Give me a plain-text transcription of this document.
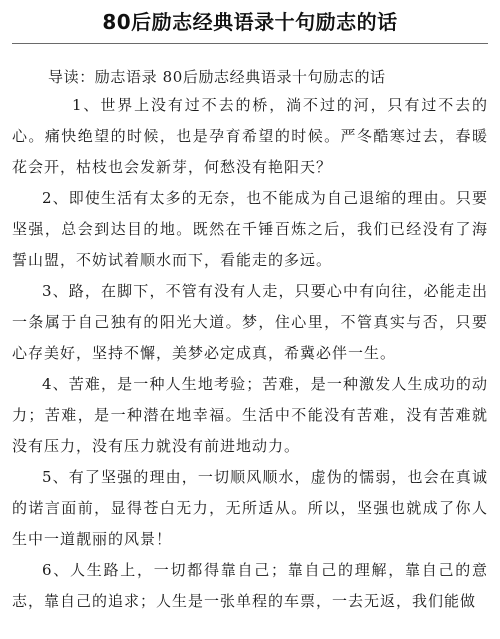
80后励志经典语录十句励志的话

导读：励志语录 80后励志经典语录十句励志的话

1、世界上没有过不去的桥，淌不过的河，只有过不去的心。痛快绝望的时候，也是孕育希望的时候。严冬酷寒过去，春暖花会开，枯枝也会发新芽，何愁没有艳阳天？

2、即使生活有太多的无奈，也不能成为自己退缩的理由。只要坚强，总会到达目的地。既然在千锤百炼之后，我们已经没有了海誓山盟，不妨试着顺水而下，看能走的多远。

3、路，在脚下，不管有没有人走，只要心中有向往，必能走出一条属于自己独有的阳光大道。梦，住心里，不管真实与否，只要心存美好，坚持不懈，美梦必定成真，希冀必伴一生。

4、苦难，是一种人生地考验；苦难，是一种激发人生成功的动力；苦难，是一种潜在地幸福。生活中不能没有苦难，没有苦难就没有压力，没有压力就没有前进地动力。

5、有了坚强的理由，一切顺风顺水，虚伪的懦弱，也会在真诚的诺言面前，显得苍白无力，无所适从。所以，坚强也就成了你人生中一道靓丽的风景！

6、人生路上，一切都得靠自己；靠自己的理解，靠自己的意志，靠自己的追求；人生是一张单程的车票，一去无返，我们能做
